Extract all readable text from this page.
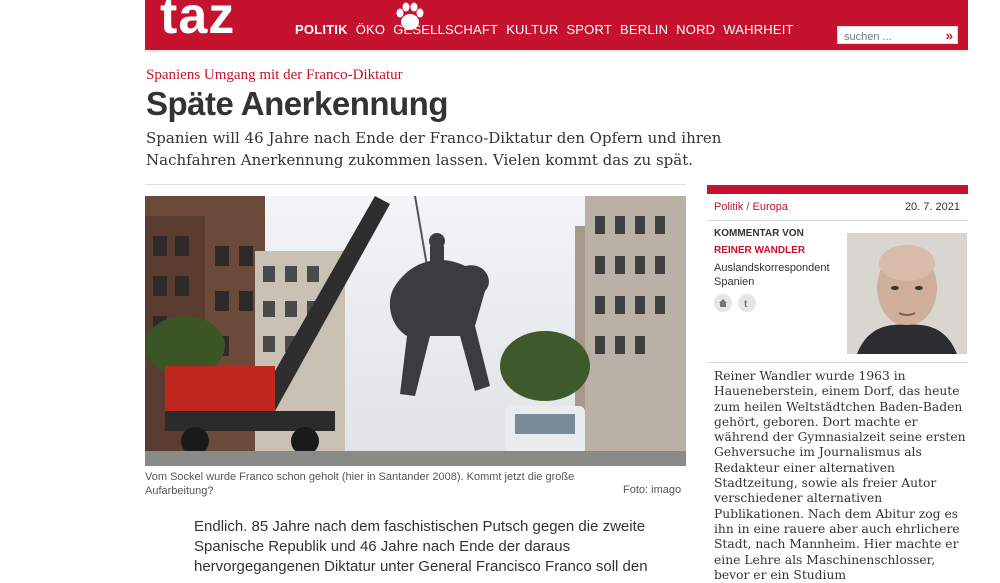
taz	POLITIK ÖKO GESELLSCHAFT KULTUR SPORT BERLIN NORD WAHRHEIT
suchen ...	»
Spaniens Umgang mit der Franco-Diktatur
Späte Anerkennung

Spanien will 46 Jahre nach Ende der Franco-Diktatur den Opfern und ihren Nachfahren Anerkennung zukommen lassen. Vielen kommt das zu spät.

Vom Sockel wurde Franco schon geholt (hier in Santander 2008). Kommt jetzt die große Aufarbeitung?	Foto: imago

Endlich. 85 Jahre nach dem faschistischen Putsch gegen die zweite Spanische Republik und 46 Jahre nach Ende der daraus hervorgegangenen Diktatur unter General Francisco Franco soll den

Politik / Europa	20. 7. 2021
KOMMENTAR VON
REINER WANDLER
Auslandskorrespondent Spanien
t

Reiner Wandler wurde 1963 in Haueneberstein, einem Dorf, das heute zum heilen Weltstädtchen Baden-Baden gehört, geboren. Dort machte er während der Gymnasialzeit seine ersten Gehversuche im Journalismus als Redakteur einer alternativen Stadtzeitung, sowie als freier Autor verschiedener alternativen Publikationen. Nach dem Abitur zog es ihn in eine rauere aber auch ehrlichere Stadt, nach Mannheim. Hier machte er eine Lehre als Maschinenschlosser, bevor er ein Studium
